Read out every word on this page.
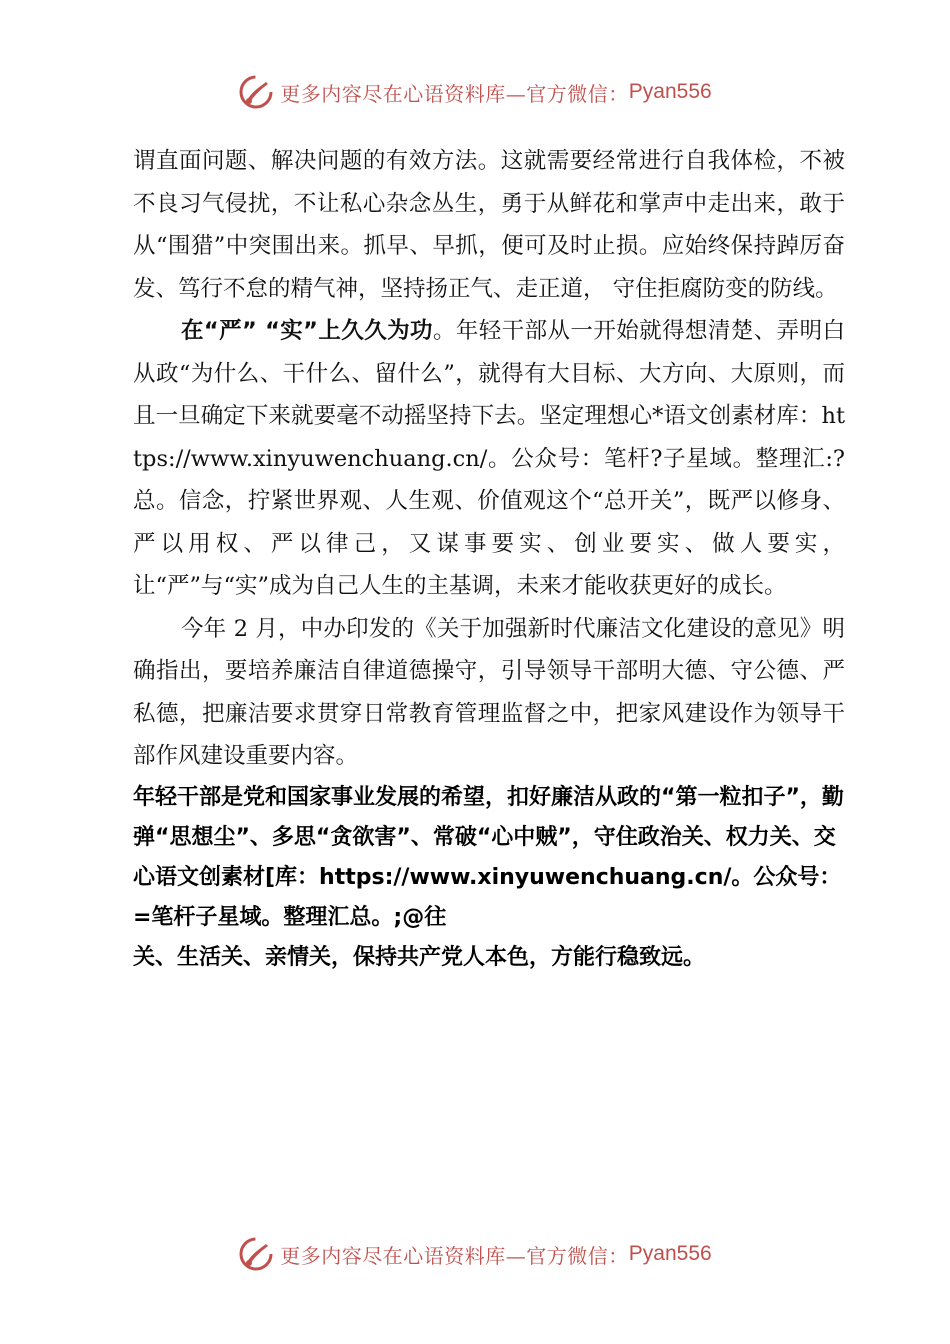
更多内容尽在心语资料库—官方微信： Pyan556

谓直面问题、解决问题的有效方法。这就需要经常进行自我体检，不被不良习气侵扰，不让私心杂念丛生，勇于从鲜花和掌声中走出来，敢于从“围猎”中突围出来。抓早、早抓，便可及时止损。应始终保持踔厉奋发、笃行不怠的精气神，坚持扬正气、走正道， 守住拒腐防变的防线。

在“严” “实”上久久为功。年轻干部从一开始就得想清楚、弄明白从政“为什么、干什么、留什么”，就得有大目标、大方向、大原则，而且一旦确定下来就要毫不动摇坚持下去。坚定理想心*语文创素材库：https://www.xinyuwenchuang.cn/。公众号：笔杆?子星域。整理汇:?总。信念，拧紧世界观、人生观、价值观这个“总开关”，既严以修身、严以用权、严以律己，又谋事要实、创业要实、做人要实， 让“严”与“实”成为自己人生的主基调，未来才能收获更好的成长。

今年 2 月，中办印发的《关于加强新时代廉洁文化建设的意见》明确指出，要培养廉洁自律道德操守，引导领导干部明大德、守公德、严私德，把廉洁要求贯穿日常教育管理监督之中，把家风建设作为领导干部作风建设重要内容。

年轻干部是党和国家事业发展的希望，扣好廉洁从政的“第一粒扣子”，勤弹“思想尘”、多思“贪欲害”、常破“心中贼”，守住政治关、权力关、交心语文创素材[库：https://www.xinyuwenchuang.cn/。公众号：=笔杆子星域。整理汇总。;@往

关、生活关、亲情关，保持共产党人本色，方能行稳致远。

更多内容尽在心语资料库—官方微信： Pyan556
